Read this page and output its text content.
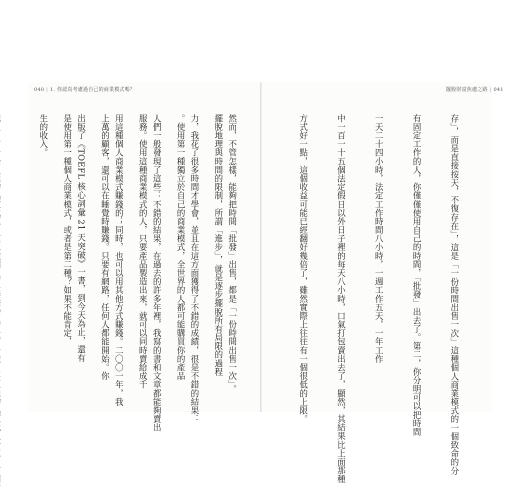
040 | 1. 你認真考慮過自己的商業模式嗎？	擺脫財富焦慮之路 | 041

擺脫地理與時間的限制，所謂「進步」，就是逐步擺脫所有局限的過程

。使用第一種獨立於自己的商業模式，全世界的人都可能購買你的產品

服務。使用這種商業模式的人，只要產品製造出來，就可以同時賣給成千

上萬的顧客，還可以在睡覺時賺錢。只要有網路，任何人都能開始。你

是使用第一種個人商業模式，或者是第二種？如果不能肯定，

	存」，而是直接按天，不復存在」，這是「一份時間出售一次」這種個人商業模式的一個致命的分

有固定工作的人，你僅僅使用自己的時間，「批發」出去了。第二，你分明可以把時間

一天二十四小時，法定工作時間八小時，一週工作五天，一年工作

中一百一十五個法定假日以外日子裡的每天八小時，口氣打包賣出去了，顯然，其結果比上面那種

方式好一點，這個收益可能已經翻好幾倍了，雖然實際上往往有一個很低的上限。

然而，不管怎樣，能夠把時間「批發」出售，都是「一份時間出售一次」。

力，我花了很多時間才學會，並且在這方面獲得了不錯的成績，很是不錯的結果：

人們一般發現了這些：不錯的結果，在過去的許多年裡，我寫的書和文章都能夠賣出

用這種個人商業模式賺錢的；同時，也可以用其他方式賺錢。二〇〇一年，我

出版了《TOEFL 核心詞彙 21 天突破》一書，到今天為止，還有

生的收入。
